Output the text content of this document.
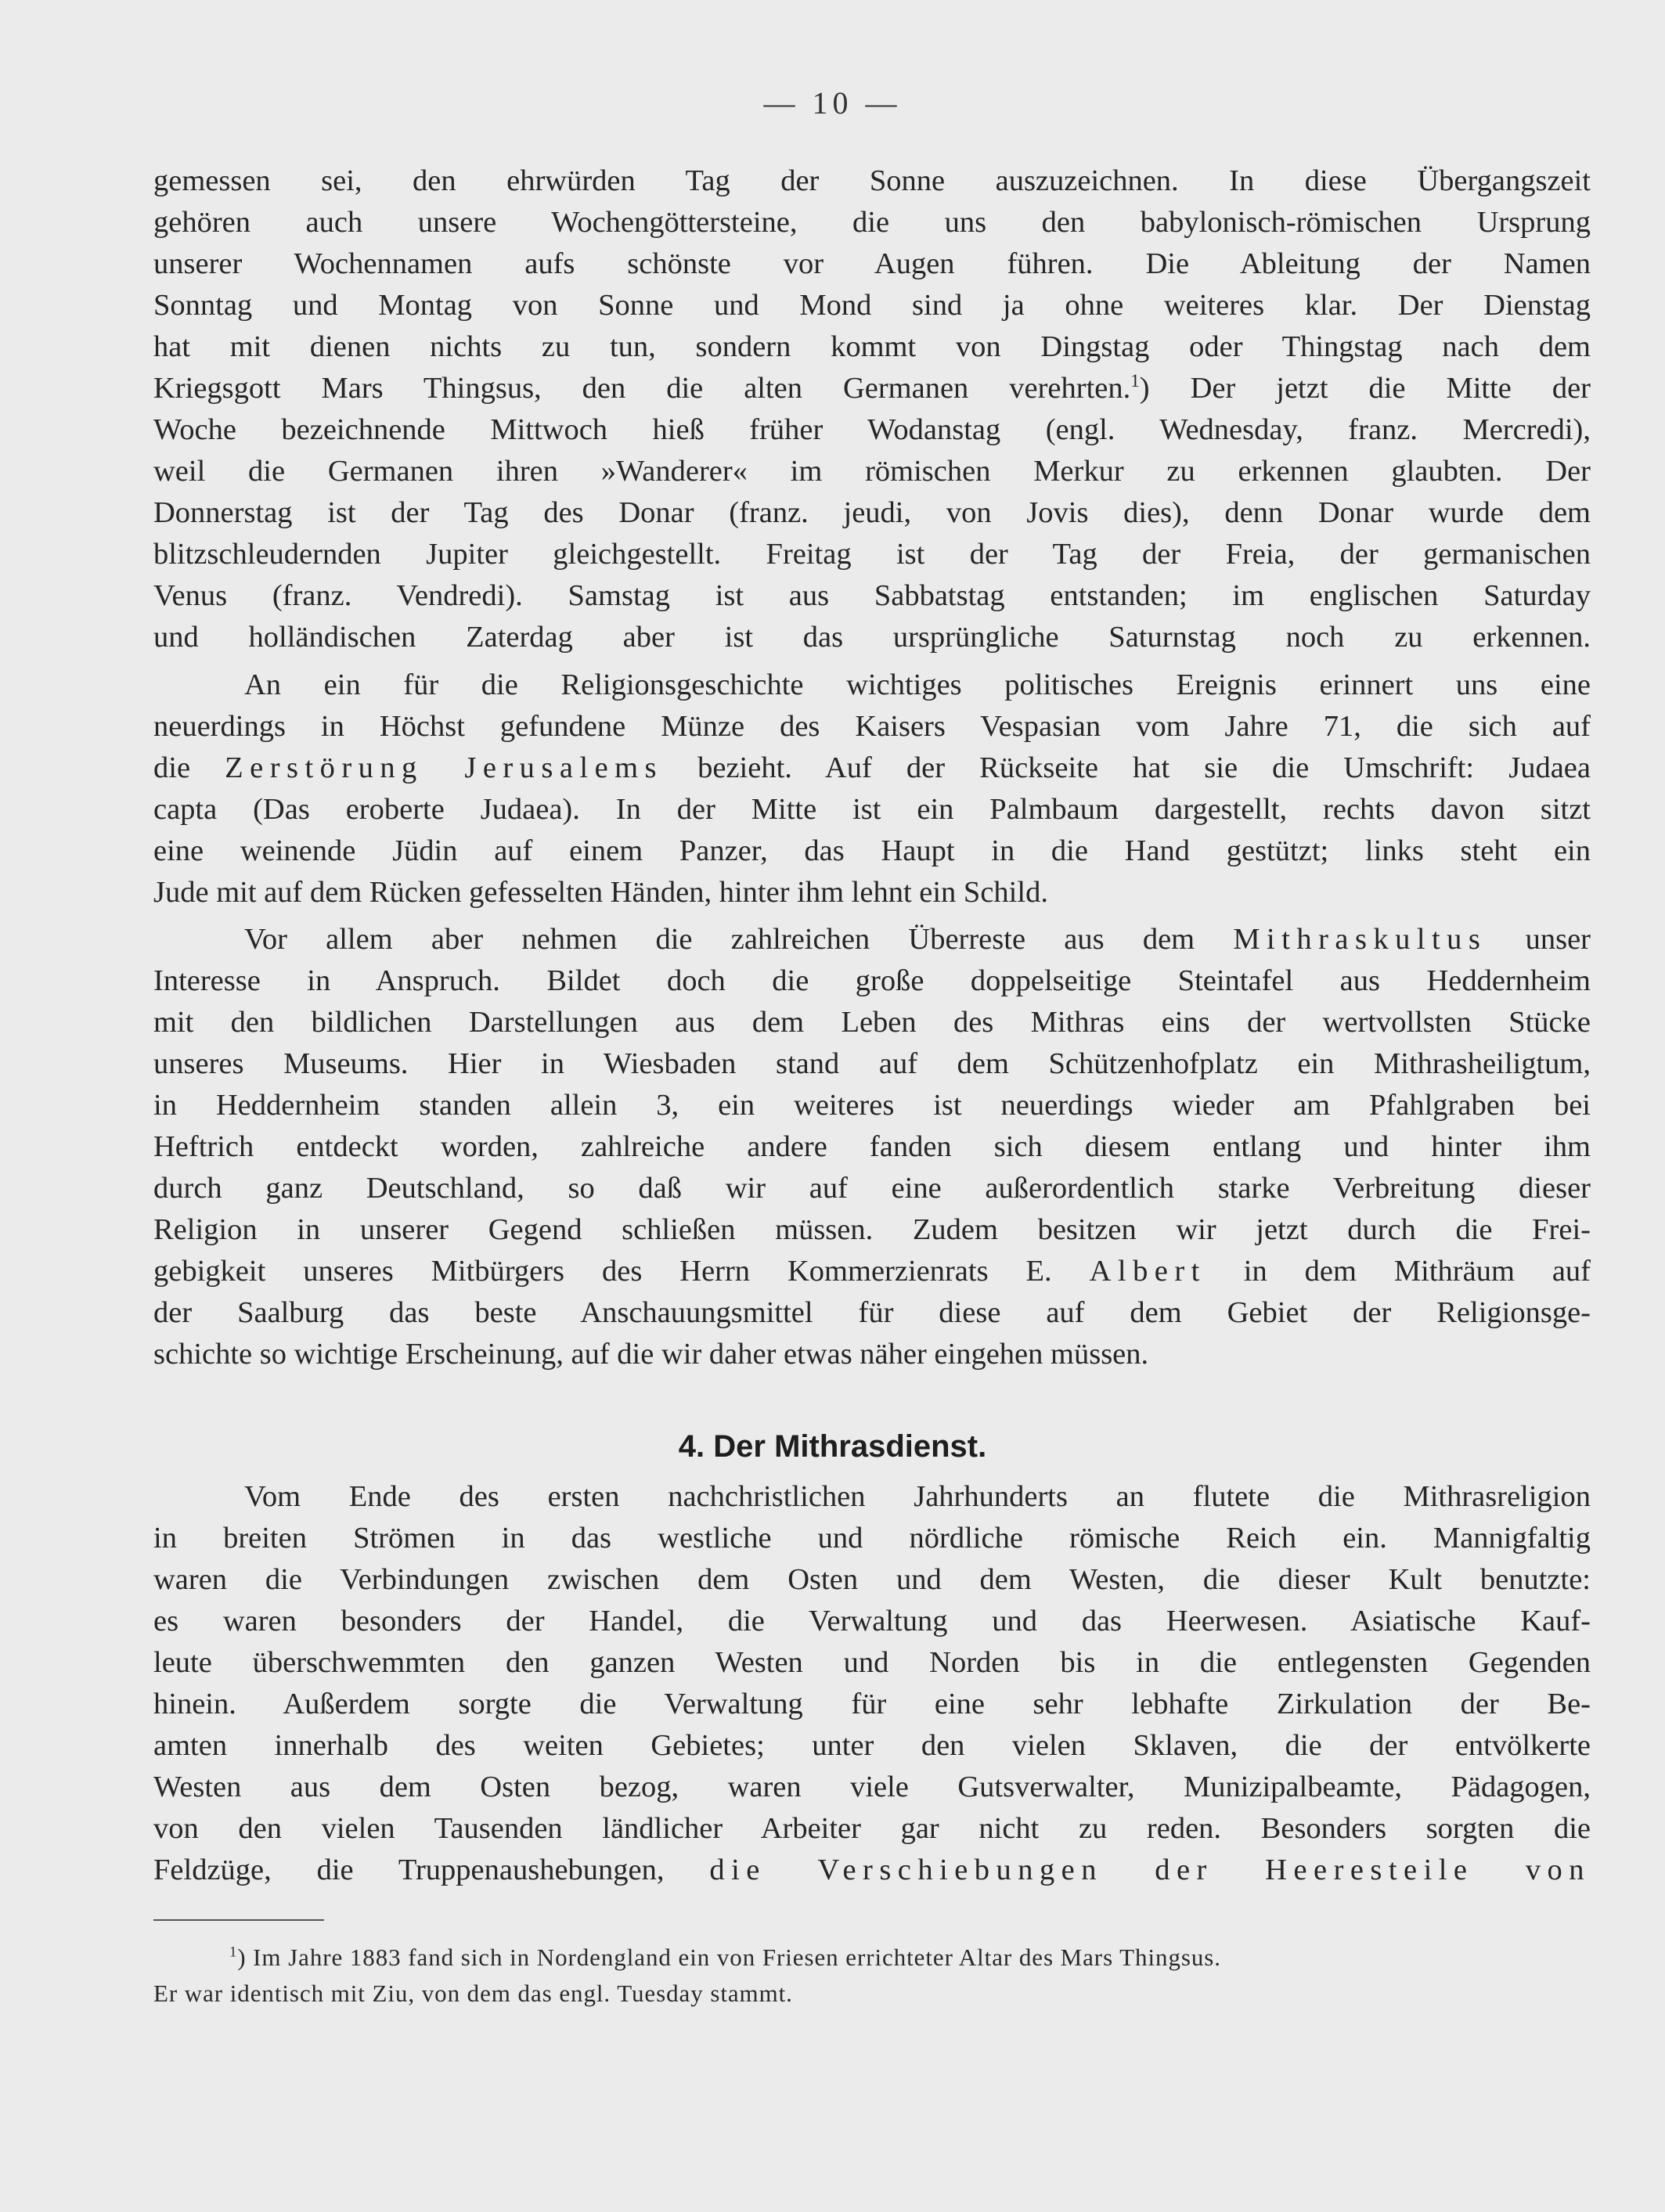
— 10 —
gemessen sei, den ehrwürden Tag der Sonne auszuzeichnen. In diese Übergangszeit
gehören auch unsere Wochengöttersteine, die uns den babylonisch-römischen Ursprung
unserer Wochennamen aufs schönste vor Augen führen. Die Ableitung der Namen
Sonntag und Montag von Sonne und Mond sind ja ohne weiteres klar. Der Dienstag
hat mit dienen nichts zu tun, sondern kommt von Dingstag oder Thingstag nach dem
Kriegsgott Mars Thingsus, den die alten Germanen verehrten.$^1$) Der jetzt die Mitte der
Woche bezeichnende Mittwoch hieß früher Wodanstag (engl. Wednesday, franz. Mercredi),
weil die Germanen ihren »Wanderer« im römischen Merkur zu erkennen glaubten. Der
Donnerstag ist der Tag des Donar (franz. jeudi, von Jovis dies), denn Donar wurde dem
blitzschleudernden Jupiter gleichgestellt. Freitag ist der Tag der Freia, der germanischen
Venus (franz. Vendredi). Samstag ist aus Sabbatstag entstanden; im englischen Saturday
und holländischen Zaterdag aber ist das ursprüngliche Saturnstag noch zu erkennen.
An ein für die Religionsgeschichte wichtiges politisches Ereignis erinnert uns eine
neuerdings in Höchst gefundene Münze des Kaisers Vespasian vom Jahre 71, die sich auf
die Zerstörung Jerusalems bezieht. Auf der Rückseite hat sie die Umschrift: Judaea
capta (Das eroberte Judaea). In der Mitte ist ein Palmbaum dargestellt, rechts davon sitzt
eine weinende Jüdin auf einem Panzer, das Haupt in die Hand gestützt; links steht ein
Jude mit auf dem Rücken gefesselten Händen, hinter ihm lehnt ein Schild.
Vor allem aber nehmen die zahlreichen Überreste aus dem Mithraskultus unser
Interesse in Anspruch. Bildet doch die große doppelseitige Steintafel aus Heddernheim
mit den bildlichen Darstellungen aus dem Leben des Mithras eins der wertvollsten Stücke
unseres Museums. Hier in Wiesbaden stand auf dem Schützenhofplatz ein Mithrasheiligtum,
in Heddernheim standen allein 3, ein weiteres ist neuerdings wieder am Pfahlgraben bei
Heftrich entdeckt worden, zahlreiche andere fanden sich diesem entlang und hinter ihm
durch ganz Deutschland, so daß wir auf eine außerordentlich starke Verbreitung dieser
Religion in unserer Gegend schließen müssen. Zudem besitzen wir jetzt durch die Frei-
gebigkeit unseres Mitbürgers des Herrn Kommerzienrats E. Albert in dem Mithräum auf
der Saalburg das beste Anschauungsmittel für diese auf dem Gebiet der Religionsge-
schichte so wichtige Erscheinung, auf die wir daher etwas näher eingehen müssen.
4. Der Mithrasdienst.
Vom Ende des ersten nachchristlichen Jahrhunderts an flutete die Mithrasreligion
in breiten Strömen in das westliche und nördliche römische Reich ein. Mannigfaltig
waren die Verbindungen zwischen dem Osten und dem Westen, die dieser Kult benutzte:
es waren besonders der Handel, die Verwaltung und das Heerwesen. Asiatische Kauf-
leute überschwemmten den ganzen Westen und Norden bis in die entlegensten Gegenden
hinein. Außerdem sorgte die Verwaltung für eine sehr lebhafte Zirkulation der Be-
amten innerhalb des weiten Gebietes; unter den vielen Sklaven, die der entvölkerte
Westen aus dem Osten bezog, waren viele Gutsverwalter, Munizipalbeamte, Pädagogen,
von den vielen Tausenden ländlicher Arbeiter gar nicht zu reden. Besonders sorgten die
Feldzüge, die Truppenaushebungen, die Verschiebungen der Heeresteile von
$^1$) Im Jahre 1883 fand sich in Nordengland ein von Friesen errichteter Altar des Mars Thingsus.
Er war identisch mit Ziu, von dem das engl. Tuesday stammt.
